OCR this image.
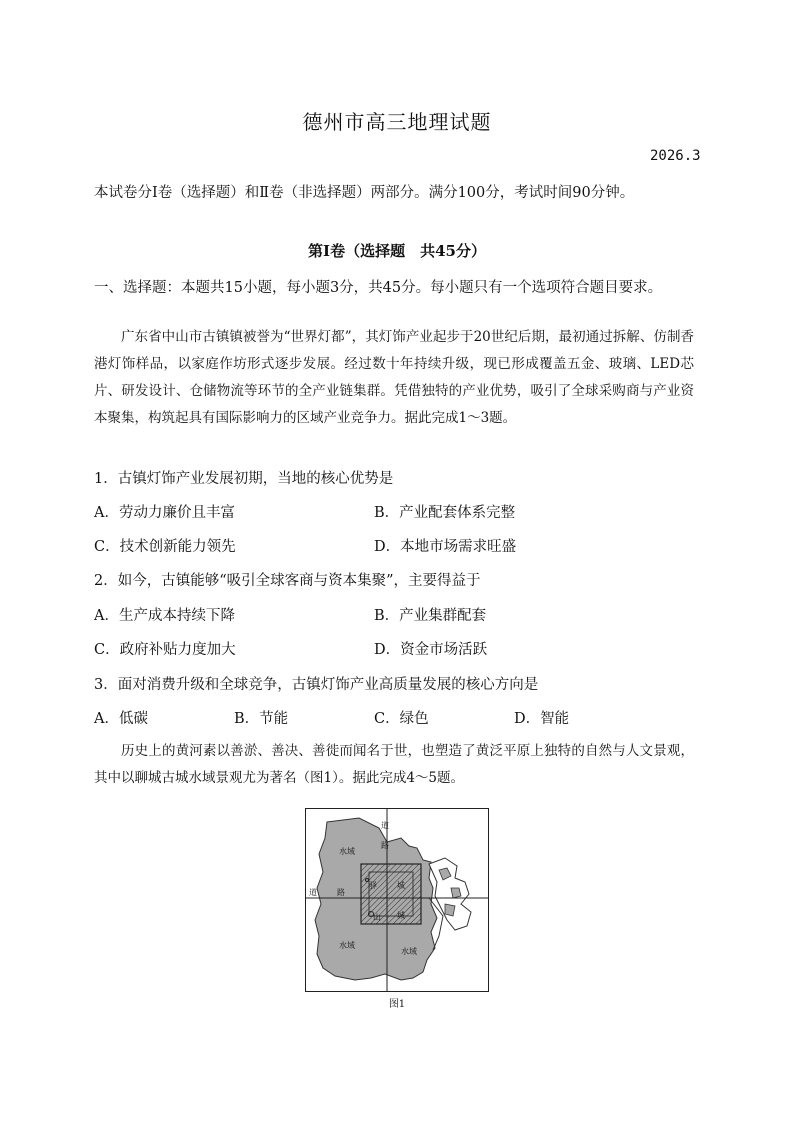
德州市高三地理试题
2026.3
本试卷分Ⅰ卷（选择题）和Ⅱ卷（非选择题）两部分。满分100分，考试时间90分钟。
第Ⅰ卷（选择题　共45分）
一、选择题：本题共15小题，每小题3分，共45分。每小题只有一个选项符合题目要求。
广东省中山市古镇镇被誉为“世界灯都”，其灯饰产业起步于20世纪后期，最初通过拆解、仿制香港灯饰样品，以家庭作坊形式逐步发展。经过数十年持续升级，现已形成覆盖五金、玻璃、LED芯片、研发设计、仓储物流等环节的全产业链集群。凭借独特的产业优势，吸引了全球采购商与产业资本聚集，构筑起具有国际影响力的区域产业竞争力。据此完成1～3题。
1．古镇灯饰产业发展初期，当地的核心优势是
A．劳动力廉价且丰富	B．产业配套体系完整
C．技术创新能力领先	D．本地市场需求旺盛
2．如今，古镇能够“吸引全球客商与资本集聚”，主要得益于
A．生产成本持续下降	B．产业集群配套
C．政府补贴力度加大	D．资金市场活跃
3．面对消费升级和全球竞争，古镇灯饰产业高质量发展的核心方向是
A．低碳	B．节能	C．绿色	D．智能
历史上的黄河素以善淤、善决、善徙而闻名于世，也塑造了黄泛平原上独特的自然与人文景观，其中以聊城古城水域景观尤为著名（图1）。据此完成4～5题。
道
路
道	路
水域
水域
水域
城
城
驿
山
图1
